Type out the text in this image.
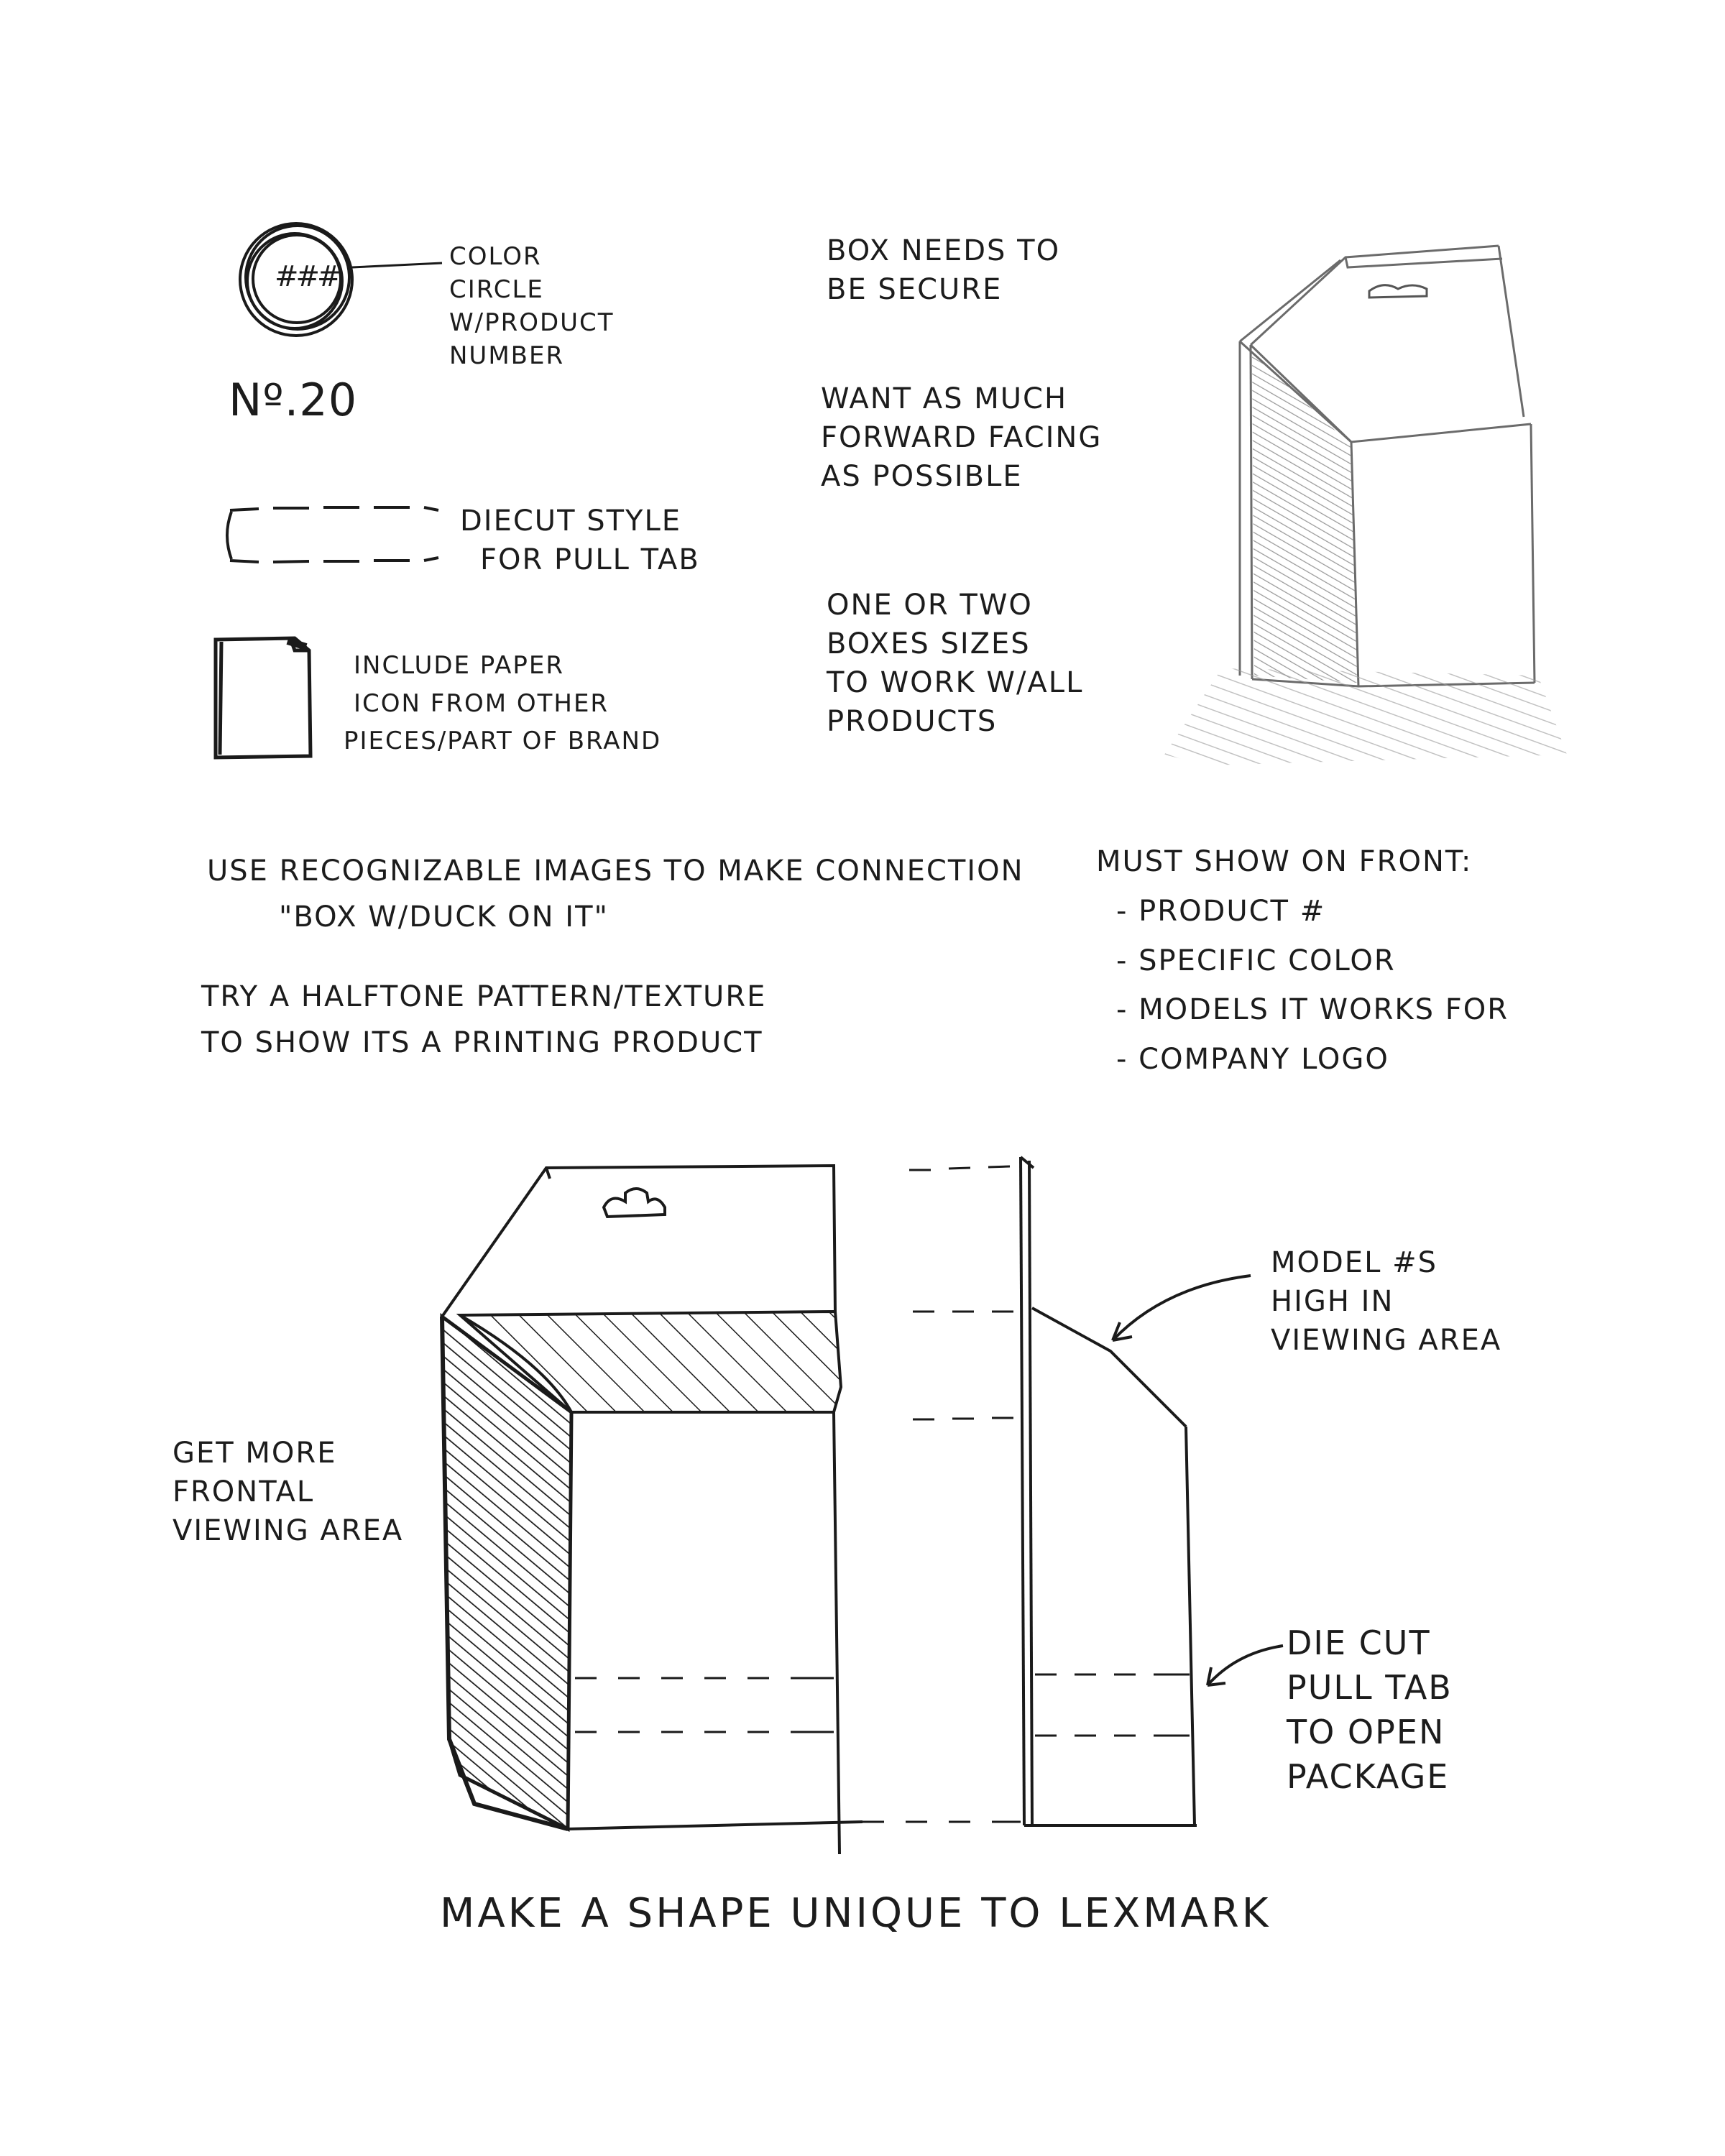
###
COLOR
CIRCLE
W/PRODUCT
NUMBER
Nº.20
DIECUT STYLE
FOR PULL TAB
INCLUDE PAPER
ICON FROM OTHER
PIECES/PART OF BRAND
BOX NEEDS TO
BE SECURE
WANT AS MUCH
FORWARD FACING
AS POSSIBLE
ONE OR TWO
BOXES SIZES
TO WORK W/ALL
PRODUCTS
USE RECOGNIZABLE IMAGES TO MAKE CONNECTION
"BOX W/DUCK ON IT"
TRY A HALFTONE PATTERN/TEXTURE
TO SHOW ITS A PRINTING PRODUCT
MUST SHOW ON FRONT:
- PRODUCT #
- SPECIFIC COLOR
- MODELS IT WORKS FOR
- COMPANY LOGO
MODEL #S
HIGH IN
VIEWING AREA
GET MORE
FRONTAL
VIEWING AREA
DIE CUT
PULL TAB
TO OPEN
PACKAGE
MAKE A SHAPE UNIQUE TO LEXMARK
